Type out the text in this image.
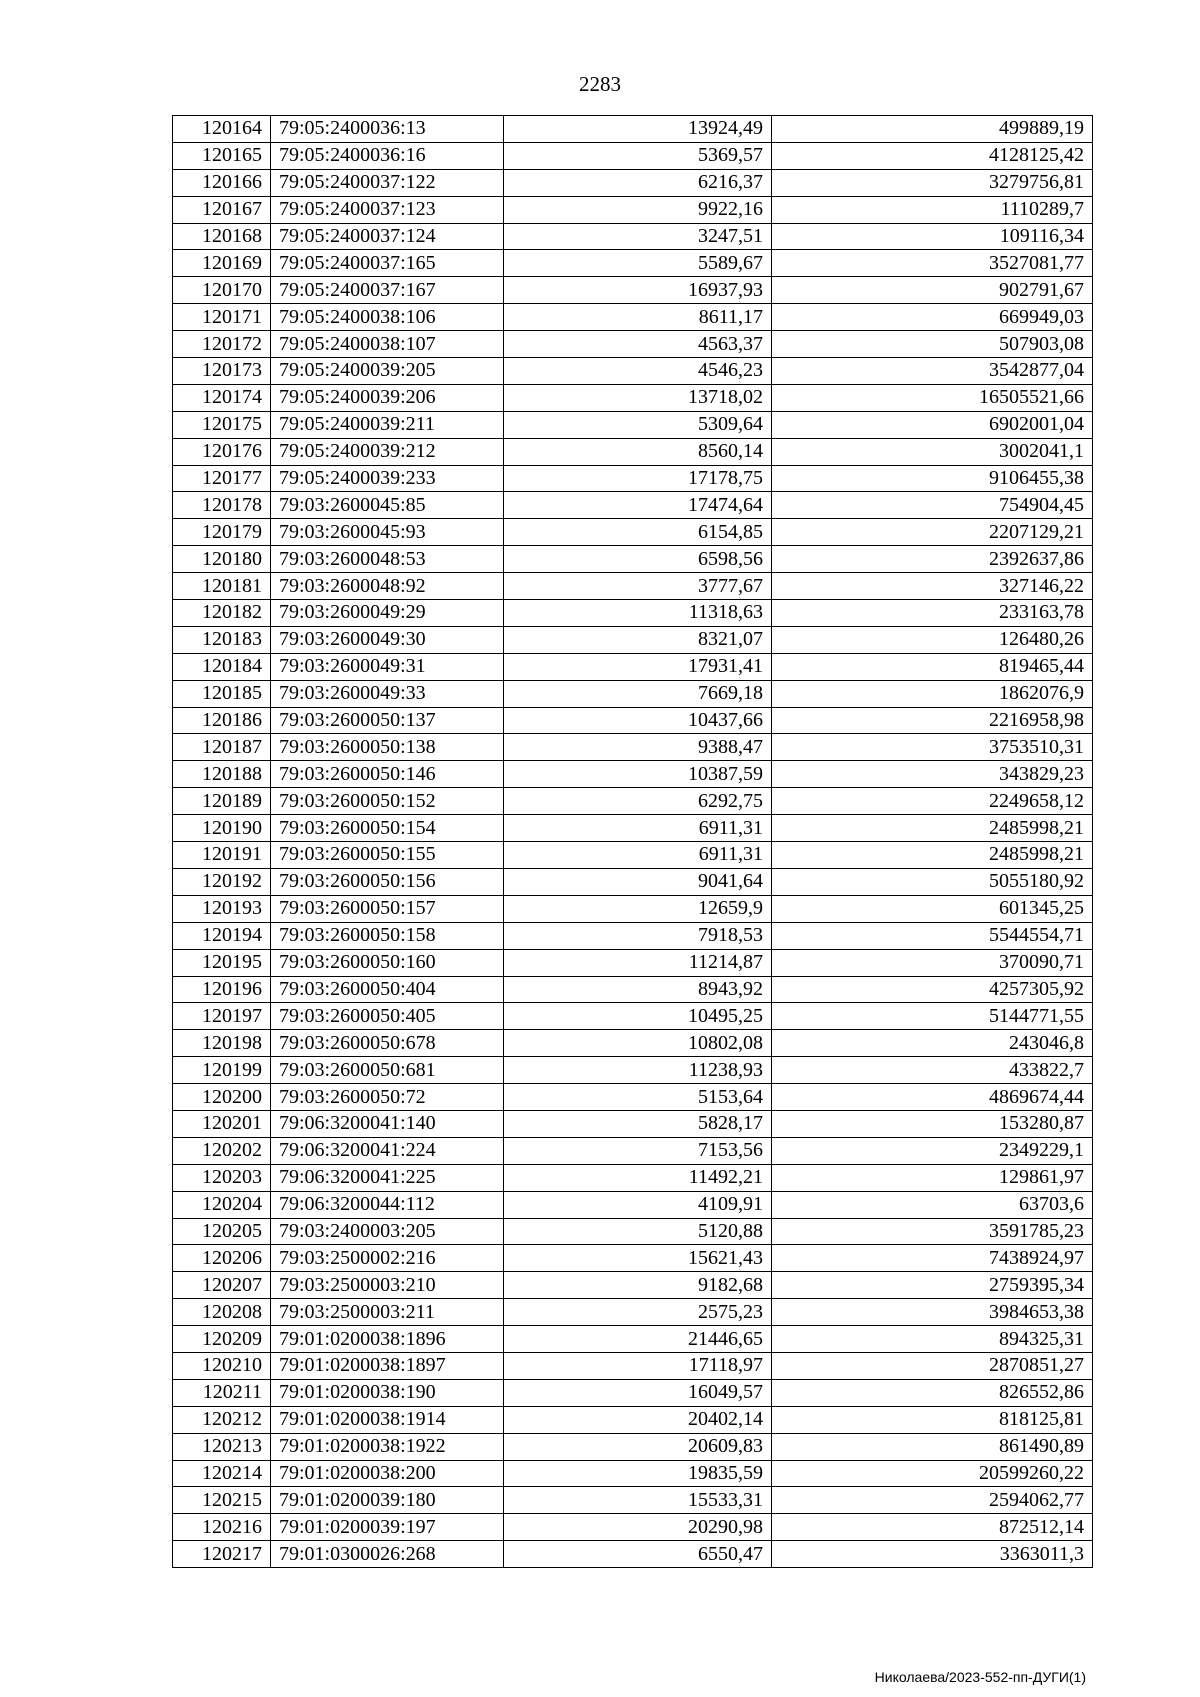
2283
120164	79:05:2400036:13	13924,49	499889,19
120165	79:05:2400036:16	5369,57	4128125,42
120166	79:05:2400037:122	6216,37	3279756,81
120167	79:05:2400037:123	9922,16	1110289,7
120168	79:05:2400037:124	3247,51	109116,34
120169	79:05:2400037:165	5589,67	3527081,77
120170	79:05:2400037:167	16937,93	902791,67
120171	79:05:2400038:106	8611,17	669949,03
120172	79:05:2400038:107	4563,37	507903,08
120173	79:05:2400039:205	4546,23	3542877,04
120174	79:05:2400039:206	13718,02	16505521,66
120175	79:05:2400039:211	5309,64	6902001,04
120176	79:05:2400039:212	8560,14	3002041,1
120177	79:05:2400039:233	17178,75	9106455,38
120178	79:03:2600045:85	17474,64	754904,45
120179	79:03:2600045:93	6154,85	2207129,21
120180	79:03:2600048:53	6598,56	2392637,86
120181	79:03:2600048:92	3777,67	327146,22
120182	79:03:2600049:29	11318,63	233163,78
120183	79:03:2600049:30	8321,07	126480,26
120184	79:03:2600049:31	17931,41	819465,44
120185	79:03:2600049:33	7669,18	1862076,9
120186	79:03:2600050:137	10437,66	2216958,98
120187	79:03:2600050:138	9388,47	3753510,31
120188	79:03:2600050:146	10387,59	343829,23
120189	79:03:2600050:152	6292,75	2249658,12
120190	79:03:2600050:154	6911,31	2485998,21
120191	79:03:2600050:155	6911,31	2485998,21
120192	79:03:2600050:156	9041,64	5055180,92
120193	79:03:2600050:157	12659,9	601345,25
120194	79:03:2600050:158	7918,53	5544554,71
120195	79:03:2600050:160	11214,87	370090,71
120196	79:03:2600050:404	8943,92	4257305,92
120197	79:03:2600050:405	10495,25	5144771,55
120198	79:03:2600050:678	10802,08	243046,8
120199	79:03:2600050:681	11238,93	433822,7
120200	79:03:2600050:72	5153,64	4869674,44
120201	79:06:3200041:140	5828,17	153280,87
120202	79:06:3200041:224	7153,56	2349229,1
120203	79:06:3200041:225	11492,21	129861,97
120204	79:06:3200044:112	4109,91	63703,6
120205	79:03:2400003:205	5120,88	3591785,23
120206	79:03:2500002:216	15621,43	7438924,97
120207	79:03:2500003:210	9182,68	2759395,34
120208	79:03:2500003:211	2575,23	3984653,38
120209	79:01:0200038:1896	21446,65	894325,31
120210	79:01:0200038:1897	17118,97	2870851,27
120211	79:01:0200038:190	16049,57	826552,86
120212	79:01:0200038:1914	20402,14	818125,81
120213	79:01:0200038:1922	20609,83	861490,89
120214	79:01:0200038:200	19835,59	20599260,22
120215	79:01:0200039:180	15533,31	2594062,77
120216	79:01:0200039:197	20290,98	872512,14
120217	79:01:0300026:268	6550,47	3363011,3
Николаева/2023-552-пп-ДУГИ(1)
